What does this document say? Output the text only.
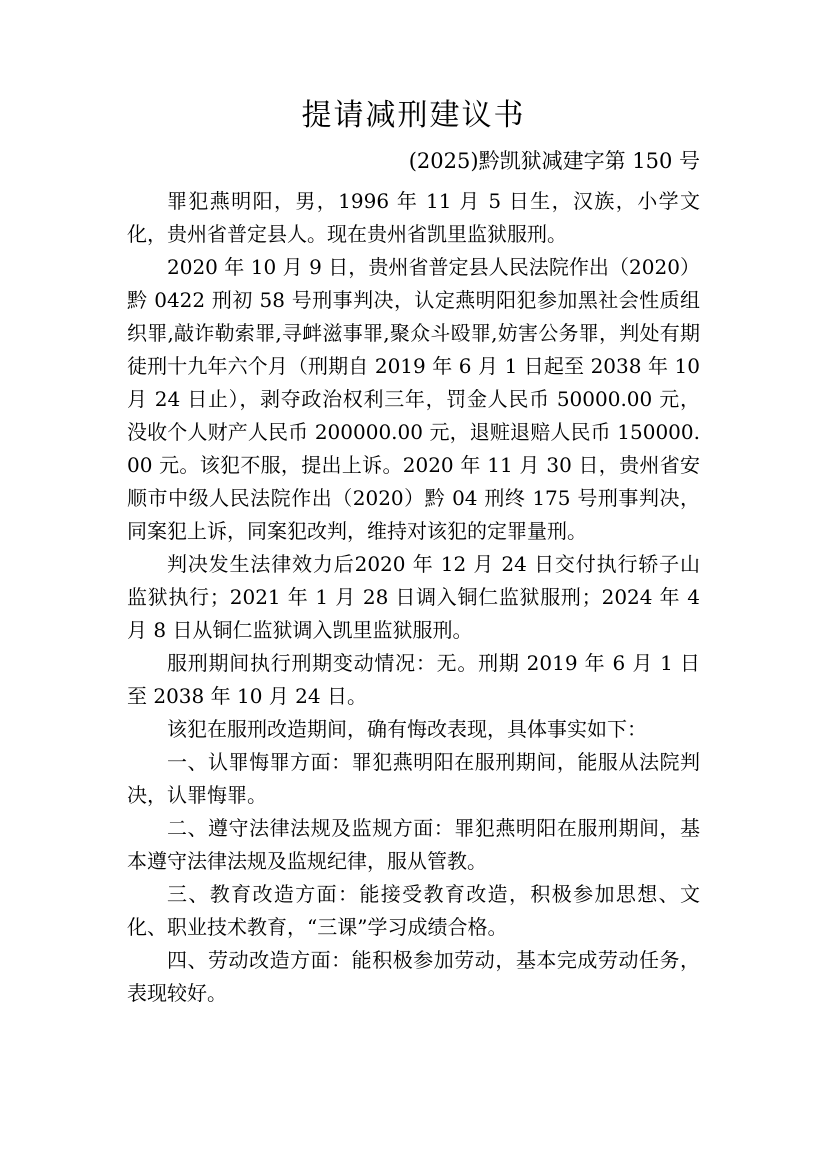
提请减刑建议书
(2025)黔凯狱减建字第 150 号

罪犯燕明阳，男，1996 年 11 月 5 日生，汉族，小学文化，贵州省普定县人。现在贵州省凯里监狱服刑。

2020 年 10 月 9 日，贵州省普定县人民法院作出（2020）黔 0422 刑初 58 号刑事判决，认定燕明阳犯参加黑社会性质组织罪,敲诈勒索罪,寻衅滋事罪,聚众斗殴罪,妨害公务罪，判处有期徒刑十九年六个月（刑期自 2019 年 6 月 1 日起至 2038 年 10 月 24 日止），剥夺政治权利三年，罚金人民币 50000.00 元，没收个人财产人民币 200000.00 元，退赃退赔人民币 150000.00 元。该犯不服，提出上诉。2020 年 11 月 30 日，贵州省安顺市中级人民法院作出（2020）黔 04 刑终 175 号刑事判决，同案犯上诉，同案犯改判，维持对该犯的定罪量刑。

判决发生法律效力后2020 年 12 月 24 日交付执行轿子山监狱执行；2021 年 1 月 28 日调入铜仁监狱服刑；2024 年 4 月 8 日从铜仁监狱调入凯里监狱服刑。

服刑期间执行刑期变动情况：无。刑期 2019 年 6 月 1 日至 2038 年 10 月 24 日。

该犯在服刑改造期间，确有悔改表现，具体事实如下：

一、认罪悔罪方面：罪犯燕明阳在服刑期间，能服从法院判决，认罪悔罪。

二、遵守法律法规及监规方面：罪犯燕明阳在服刑期间，基本遵守法律法规及监规纪律，服从管教。

三、教育改造方面：能接受教育改造，积极参加思想、文化、职业技术教育，“三课”学习成绩合格。

四、劳动改造方面：能积极参加劳动，基本完成劳动任务，表现较好。
